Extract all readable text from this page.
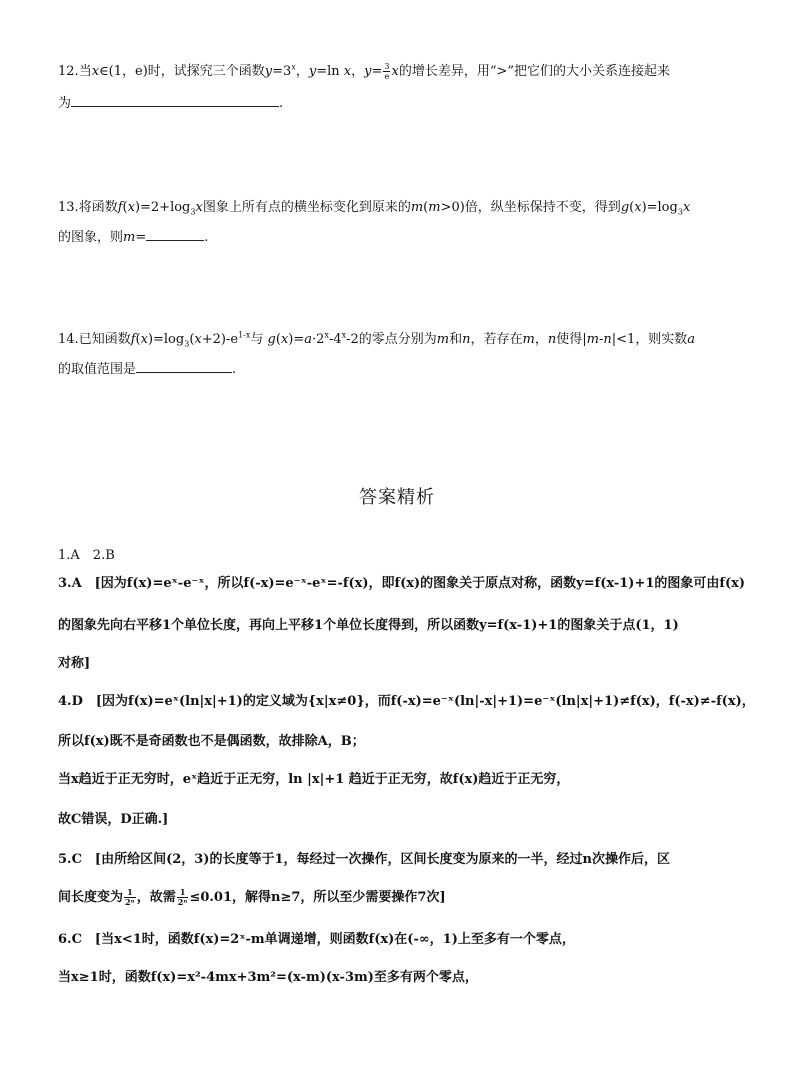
12.当x∈(1，e)时，试探究三个函数$y=3^x$，y=ln x，$y= \frac{3}{e}$ x的增长差异，用“>”把它们的大小关系连接起来
为	.
13.将函数$f(x)=2+\log_3x$图象上所有点的横坐标变化到原来的m(m>0)倍，纵坐标保持不变，得到$g(x)=\log_3x$
的图象，则m=	.
14.已知函数$f(x)=\log_3(x+2)-e^{1-x}$与 $g(x)=a\cdot 2^x-4^x-2$的零点分别为m和n，若存在m，n使得|m-n|<1，则实数a
的取值范围是	.
答案精析
1.A　2.B
3.A　[因为f(x)=eˣ-e⁻ˣ，所以f(-x)=e⁻ˣ-eˣ=-f(x)，即f(x)的图象关于原点对称，函数y=f(x-1)+1的图象可由f(x)
的图象先向右平移1个单位长度，再向上平移1个单位长度得到，所以函数y=f(x-1)+1的图象关于点(1，1)
对称]
4.D　[因为f(x)=eˣ(ln|x|+1)的定义域为{x|x≠0}，而f(-x)=e⁻ˣ(ln|-x|+1)=e⁻ˣ(ln|x|+1)≠f(x)，f(-x)≠-f(x)，
所以f(x)既不是奇函数也不是偶函数，故排除A，B；
当x趋近于正无穷时，eˣ趋近于正无穷，ln |x|+1 趋近于正无穷，故f(x)趋近于正无穷，
故C错误，D正确.]
5.C　[由所给区间(2，3)的长度等于1，每经过一次操作，区间长度变为原来的一半，经过n次操作后，区
间长度变为 $\frac{1}{\text{2ⁿ}}$ ，故需 $\frac{1}{\text{2ⁿ}} \le 0.01$，解得n≥7，所以至少需要操作7次]
6.C　[当x<1时，函数f(x)=2ˣ-m单调递增，则函数f(x)在(-∞，1)上至多有一个零点，
当x≥1时，函数f(x)=x²-4mx+3m²=(x-m)(x-3m)至多有两个零点，
